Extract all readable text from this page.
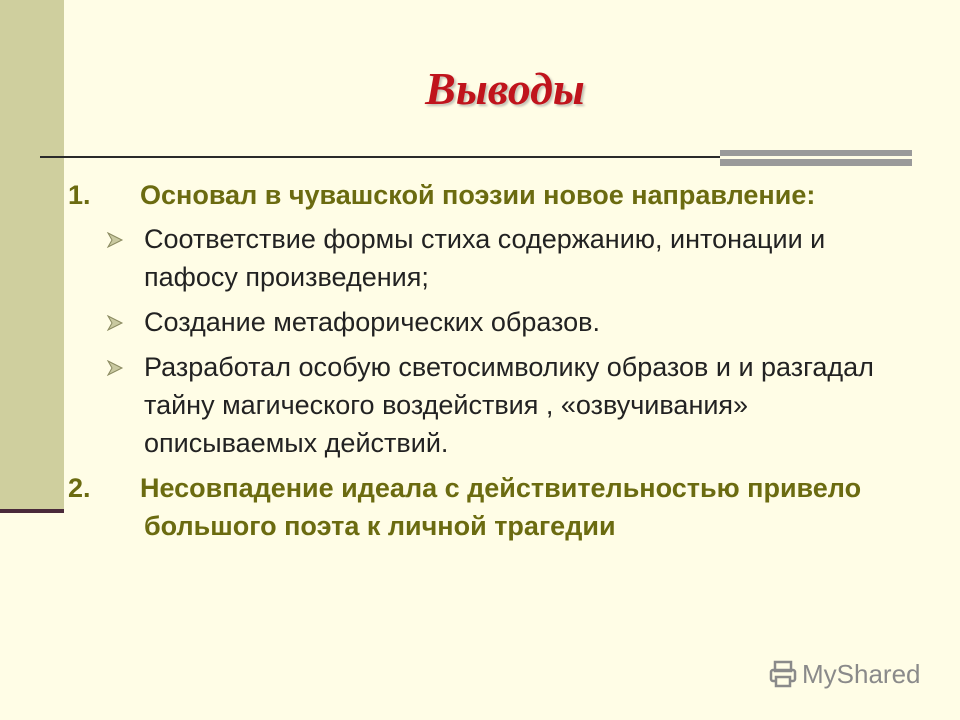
Выводы
1. Основал в чувашской поэзии новое направление:
Соответствие формы стиха содержанию, интонации и пафосу произведения;
Создание метафорических образов.
Разработал особую светосимволику образов и и разгадал тайну магического воздействия , «озвучивания» описываемых действий.
2. Несовпадение идеала с действительностью привело большого поэта к личной трагедии
MyShared
